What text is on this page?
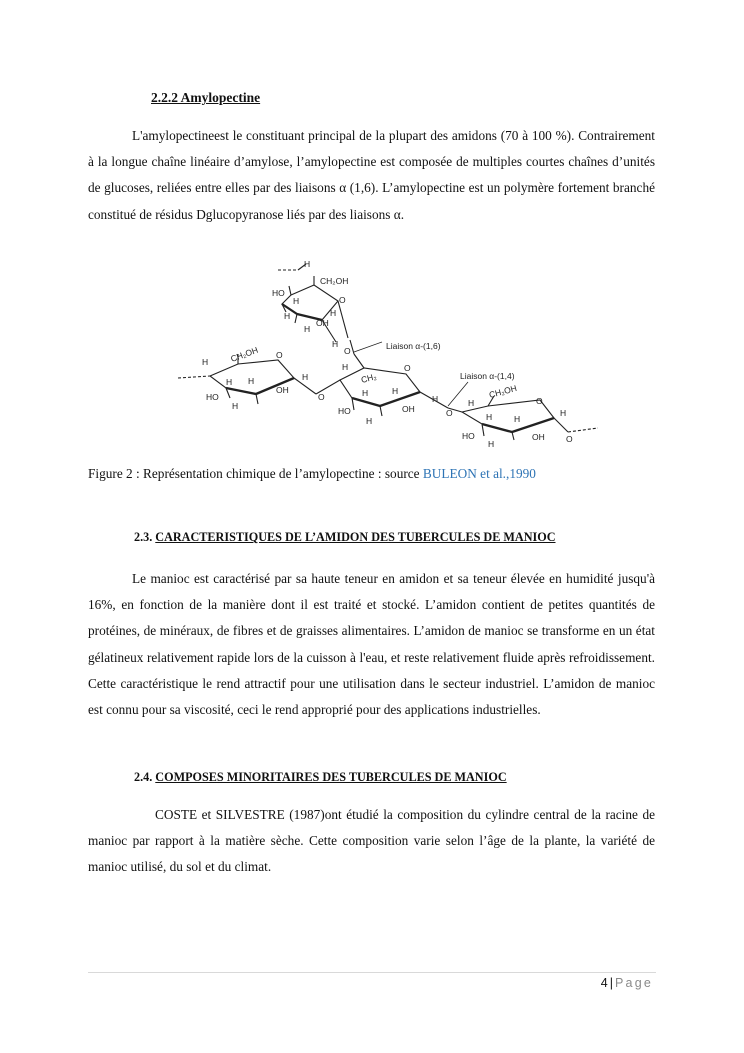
2.2.2 Amylopectine

L'amylopectineest le constituant principal de la plupart des amidons (70 à 100 %). Contrairement à la longue chaîne linéaire d’amylose, l’amylopectine est composée de multiples courtes chaînes d’unités de glucoses, reliées entre elles par des liaisons α (1,6). L’amylopectine est un polymère fortement branché constitué de résidus Dglucopyranose liés par des liaisons α.

H
CH₂OH
HO
H	O
H	H
OH
H
H
O	Liaison α-(1,6)
Liaison α-(1,4)
H CH₂OH O
H
HO
H
OH
H
H
O
H
CH₂
O
HO
H	H
OH
H
H
O
H
CH₂OH
O
H
HO
H
OH
H
H
O
Figure 2 : Représentation chimique de l’amylopectine : source BULEON et al.,1990
2.3. CARACTERISTIQUES DE L’AMIDON DES TUBERCULES DE MANIOC

Le manioc est caractérisé par sa haute teneur en amidon et sa teneur élevée en humidité jusqu'à 16%, en fonction de la manière dont il est traité et stocké. L’amidon contient de petites quantités de protéines, de minéraux, de fibres et de graisses alimentaires. L’amidon de manioc se transforme en un état gélatineux relativement rapide lors de la cuisson à l'eau, et reste relativement fluide après refroidissement. Cette caractéristique le rend attractif pour une utilisation dans le secteur industriel. L’amidon de manioc est connu pour sa viscosité, ceci le rend approprié pour des applications industrielles.

2.4. COMPOSES MINORITAIRES DES TUBERCULES DE MANIOC

COSTE et SILVESTRE (1987)ont étudié la composition du cylindre central de la racine de manioc par rapport à la matière sèche. Cette composition varie selon l’âge de la plante, la variété de manioc utilisé, du sol et du climat.

4 | Page
